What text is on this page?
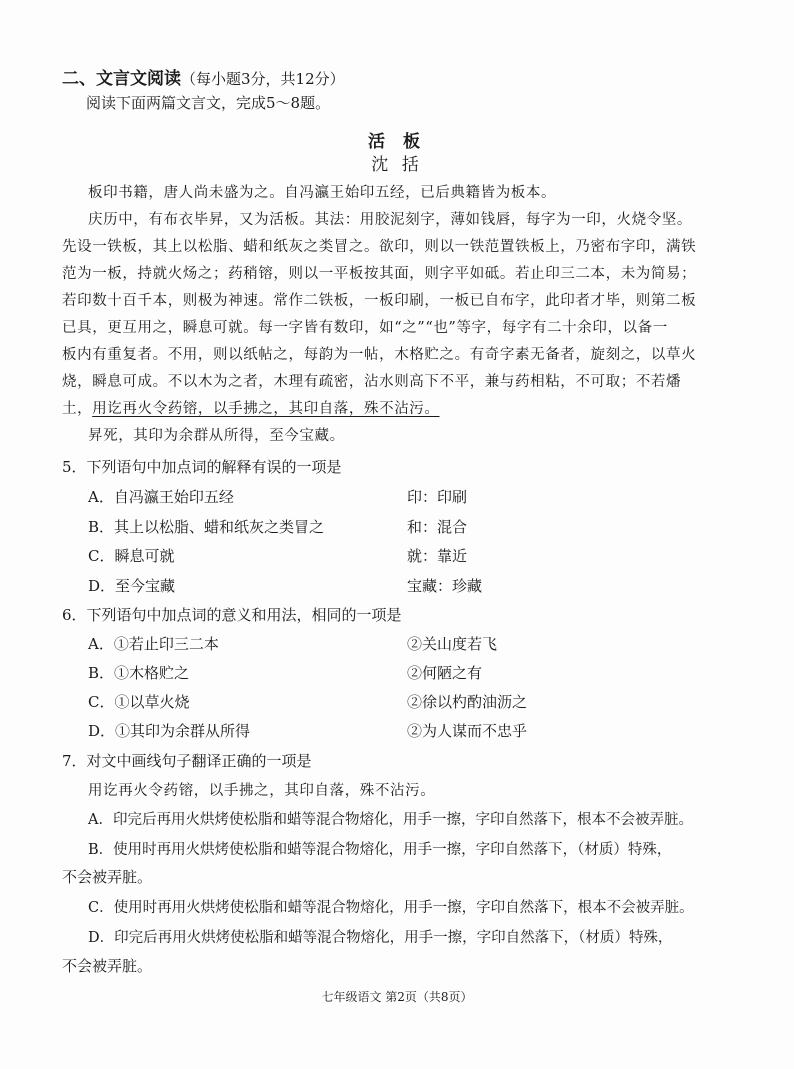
二、文言文阅读（每小题3分，共12分）
阅读下面两篇文言文，完成5～8题。
活 板
沈 括
板印书籍，唐人尚未盛为之。自冯瀛王始印五经，已后典籍皆为板本。
庆历中，有布衣毕昇，又为活板。其法：用胶泥刻字，薄如钱唇，每字为一印，火烧令坚。
先设一铁板，其上以松脂、蜡和纸灰之类冒之。欲印，则以一铁范置铁板上，乃密布字印，满铁
范为一板，持就火炀之；药稍镕，则以一平板按其面，则字平如砥。若止印三二本，未为简易；
若印数十百千本，则极为神速。常作二铁板，一板印刷，一板已自布字，此印者才毕，则第二板
已具，更互用之，瞬息可就。每一字皆有数印，如“之”“也”等字，每字有二十余印，以备一
板内有重复者。不用，则以纸帖之，每韵为一帖，木格贮之。有奇字素无备者，旋刻之，以草火
烧，瞬息可成。不以木为之者，木理有疏密，沾水则高下不平，兼与药相粘，不可取；不若燔
土，用讫再火令药镕，以手拂之，其印自落，殊不沾污。
昇死，其印为余群从所得，至今宝藏。
5．下列语句中加点词的解释有误的一项是
A．自冯瀛王始印五经	印：印刷
B．其上以松脂、蜡和纸灰之类冒之	和：混合
C．瞬息可就	就：靠近
D．至今宝藏	宝藏：珍藏
6．下列语句中加点词的意义和用法，相同的一项是
A．①若止印三二本	②关山度若飞
B．①木格贮之	②何陋之有
C．①以草火烧	②徐以杓酌油沥之
D．①其印为余群从所得	②为人谋而不忠乎
7．对文中画线句子翻译正确的一项是
用讫再火令药镕，以手拂之，其印自落，殊不沾污。
A．印完后再用火烘烤使松脂和蜡等混合物熔化，用手一擦，字印自然落下，根本不会被弄脏。
B．使用时再用火烘烤使松脂和蜡等混合物熔化，用手一擦，字印自然落下，（材质）特殊，
不会被弄脏。
C．使用时再用火烘烤使松脂和蜡等混合物熔化，用手一擦，字印自然落下，根本不会被弄脏。
D．印完后再用火烘烤使松脂和蜡等混合物熔化，用手一擦，字印自然落下，（材质）特殊，
不会被弄脏。
七年级语文 第2页（共8页）
